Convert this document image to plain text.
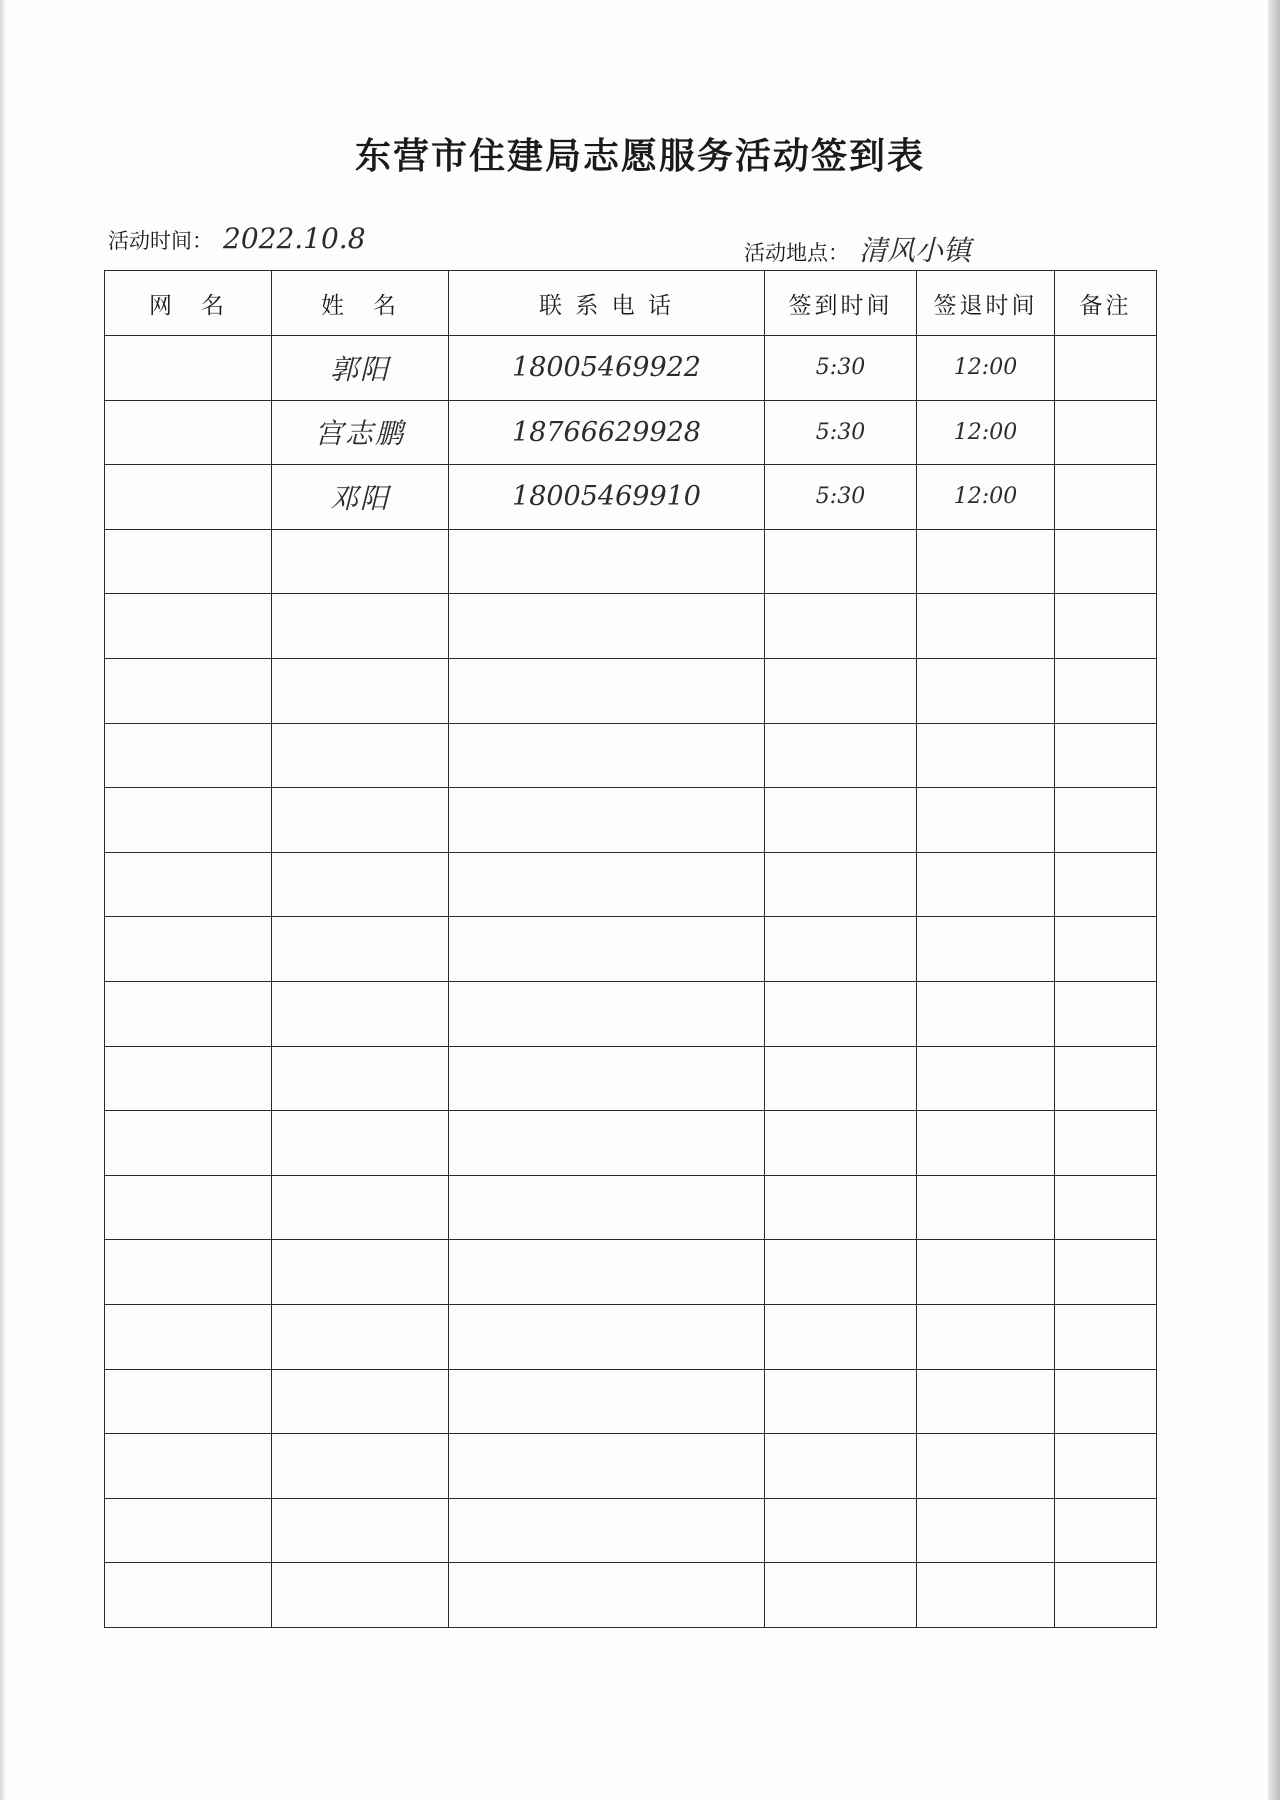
东营市住建局志愿服务活动签到表
活动时间： 2022.10.8	活动地点： 清风小镇
网　名	姓　名	联 系 电 话	签到时间	签退时间	备注
	郭阳	18005469922	5:30	12:00	
	宫志鹏	18766629928	5:30	12:00	
	邓阳	18005469910	5:30	12:00	
